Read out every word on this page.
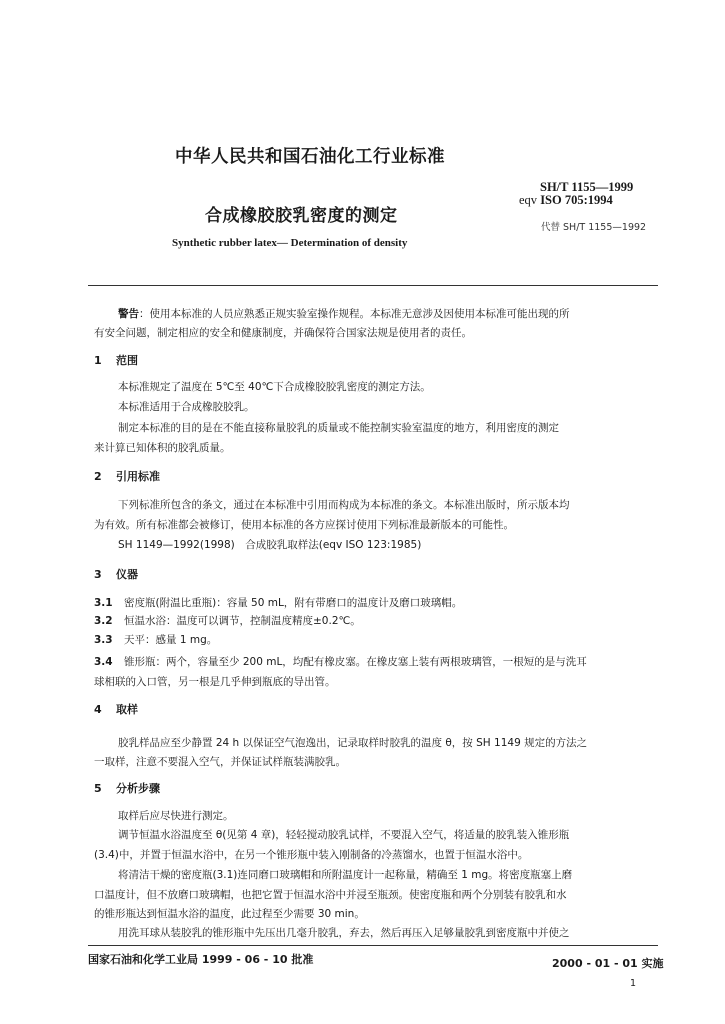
中华人民共和国石油化工行业标准
SH/T 1155—1999
eqv ISO 705:1994
代替 SH/T 1155—1992
合成橡胶胶乳密度的测定
Synthetic rubber latex— Determination of density
警告：使用本标准的人员应熟悉正规实验室操作规程。本标准无意涉及因使用本标准可能出现的所
有安全问题，制定相应的安全和健康制度，并确保符合国家法规是使用者的责任。
1 范围
本标准规定了温度在 5℃至 40℃下合成橡胶胶乳密度的测定方法。
本标准适用于合成橡胶胶乳。
制定本标准的目的是在不能直接称量胶乳的质量或不能控制实验室温度的地方，利用密度的测定
来计算已知体积的胶乳质量。
2 引用标准
下列标准所包含的条文，通过在本标准中引用而构成为本标准的条文。本标准出版时，所示版本均
为有效。所有标准都会被修订，使用本标准的各方应探讨使用下列标准最新版本的可能性。
SH 1149—1992(1998)　合成胶乳取样法(eqv ISO 123:1985)
3 仪器
3.1 密度瓶(附温比重瓶)：容量 50 mL，附有带磨口的温度计及磨口玻璃帽。
3.2 恒温水浴：温度可以调节，控制温度精度±0.2℃。
3.3 天平：感量 1 mg。
3.4 锥形瓶：两个，容量至少 200 mL，均配有橡皮塞。在橡皮塞上装有两根玻璃管，一根短的是与洗耳
球相联的入口管，另一根是几乎伸到瓶底的导出管。
4 取样
胶乳样品应至少静置 24 h 以保证空气泡逸出，记录取样时胶乳的温度 θ，按 SH 1149 规定的方法之
一取样，注意不要混入空气，并保证试样瓶装满胶乳。
5 分析步骤
取样后应尽快进行测定。
调节恒温水浴温度至 θ(见第 4 章)，轻轻搅动胶乳试样，不要混入空气，将适量的胶乳装入锥形瓶
(3.4)中，并置于恒温水浴中，在另一个锥形瓶中装入刚制备的冷蒸馏水，也置于恒温水浴中。
将清洁干燥的密度瓶(3.1)连同磨口玻璃帽和所附温度计一起称量，精确至 1 mg。将密度瓶塞上磨
口温度计，但不放磨口玻璃帽，也把它置于恒温水浴中并浸至瓶颈。使密度瓶和两个分别装有胶乳和水
的锥形瓶达到恒温水浴的温度，此过程至少需要 30 min。
用洗耳球从装胶乳的锥形瓶中先压出几毫升胶乳，弃去，然后再压入足够量胶乳到密度瓶中并使之
国家石油和化学工业局 1999 - 06 - 10 批准	2000 - 01 - 01 实施
1
